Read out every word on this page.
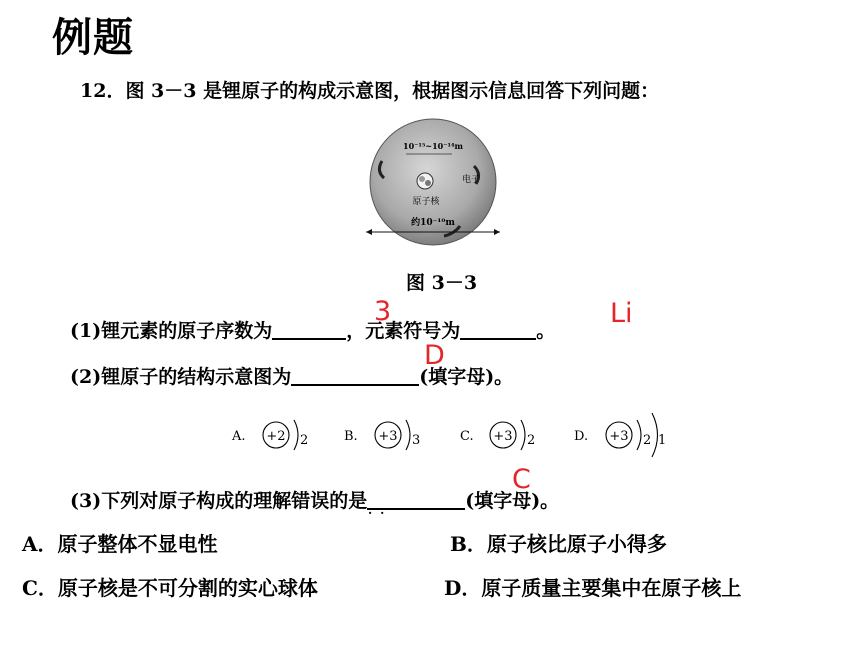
例题
12．图 3－3 是锂原子的构成示意图，根据图示信息回答下列问题：
10⁻¹⁵~10⁻¹⁴m
电子
原子核
约10⁻¹⁰m
图 3－3
(1)锂元素的原子序数为	，元素符号为	。
3	Li
(2)锂原子的结构示意图为	(填字母)。
D
A. +2 2	B. +3 3	C. +3 2	D. +3 2 1
(3)下列对原子构成的理解错误的是	(填字母)。
··
C
A．原子整体不显电性	B．原子核比原子小得多
C．原子核是不可分割的实心球体	D．原子质量主要集中在原子核上
